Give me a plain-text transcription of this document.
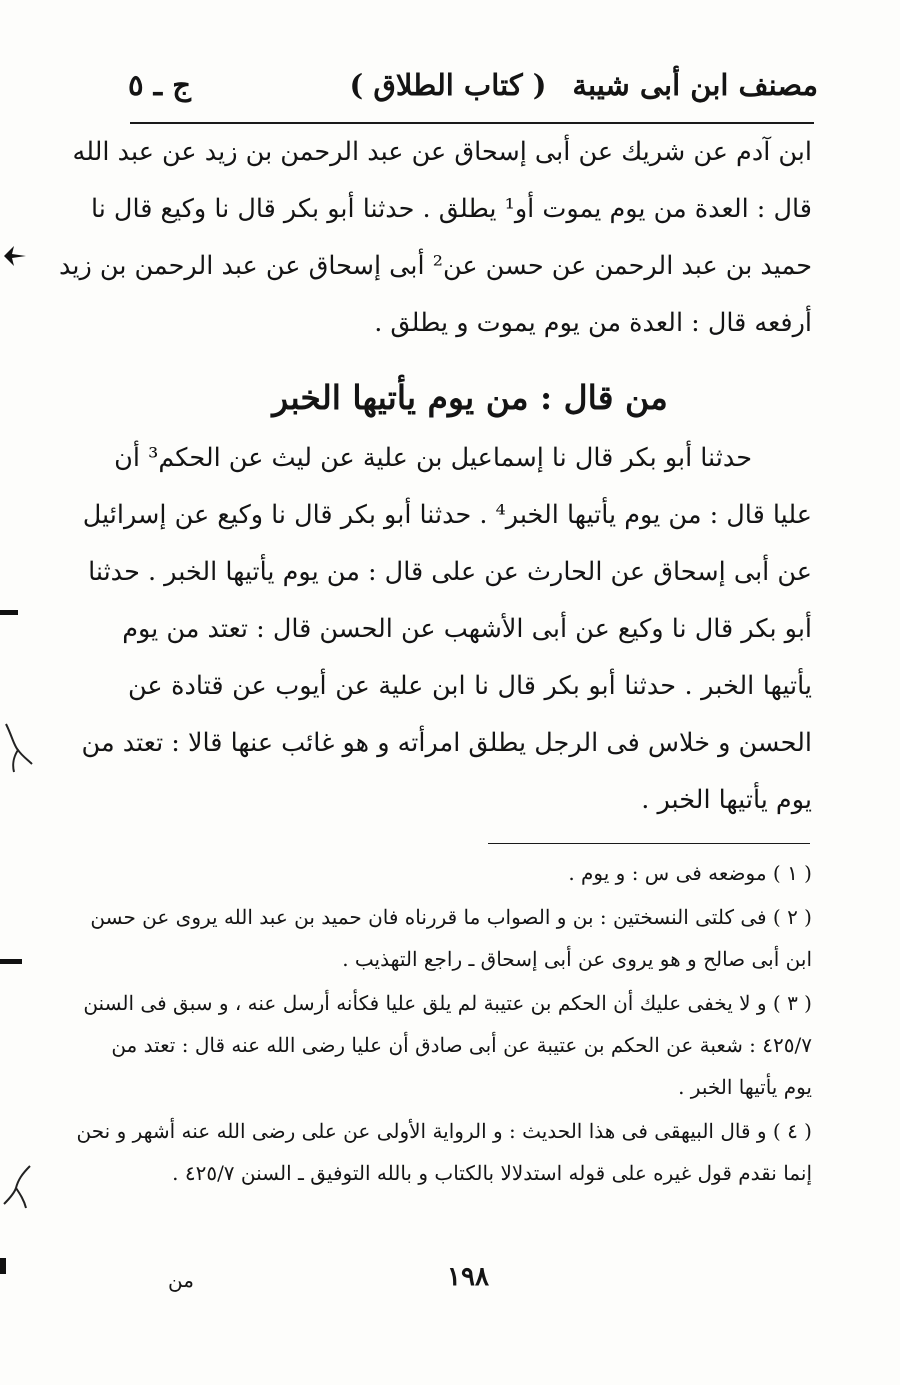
مصنف ابن أبى شيبة
( كتاب الطلاق )
ج ـ ٥
ابن آدم عن شريك عن أبى إسحاق عن عبد الرحمن بن زيد عن عبد الله
قال : العدة من يوم يموت أو¹ يطلق . حدثنا أبو بكر قال نا وكيع قال نا
حميد بن عبد الرحمن عن حسن عن² أبى إسحاق عن عبد الرحمن بن زيد
أرفعه قال : العدة من يوم يموت و يطلق .
من قال : من يوم يأتيها الخبر
حدثنا أبو بكر قال نا إسماعيل بن علية عن ليث عن الحكم³ أن
عليا قال : من يوم يأتيها الخبر⁴ . حدثنا أبو بكر قال نا وكيع عن إسرائيل
عن أبى إسحاق عن الحارث عن على قال : من يوم يأتيها الخبر . حدثنا
أبو بكر قال نا وكيع عن أبى الأشهب عن الحسن قال : تعتد من يوم
يأتيها الخبر . حدثنا أبو بكر قال نا ابن علية عن أيوب عن قتادة عن
الحسن و خلاس فى الرجل يطلق امرأته و هو غائب عنها قالا : تعتد من
يوم يأتيها الخبر .
( ١ ) موضعه فى س : و يوم .
( ٢ ) فى كلتى النسختين : بن و الصواب ما قررناه فان حميد بن عبد الله يروى عن حسن
ابن أبى صالح و هو يروى عن أبى إسحاق ـ راجع التهذيب .
( ٣ ) و لا يخفى عليك أن الحكم بن عتيبة لم يلق عليا فكأنه أرسل عنه ، و سبق فى السنن
٤٢٥/٧ : شعبة عن الحكم بن عتيبة عن أبى صادق أن عليا رضى الله عنه قال : تعتد من
يوم يأتيها الخبر .
( ٤ ) و قال البيهقى فى هذا الحديث : و الرواية الأولى عن على رضى الله عنه أشهر و نحن
إنما نقدم قول غيره على قوله استدلالا بالكتاب و بالله التوفيق ـ السنن ٤٢٥/٧ .
١٩٨
من
